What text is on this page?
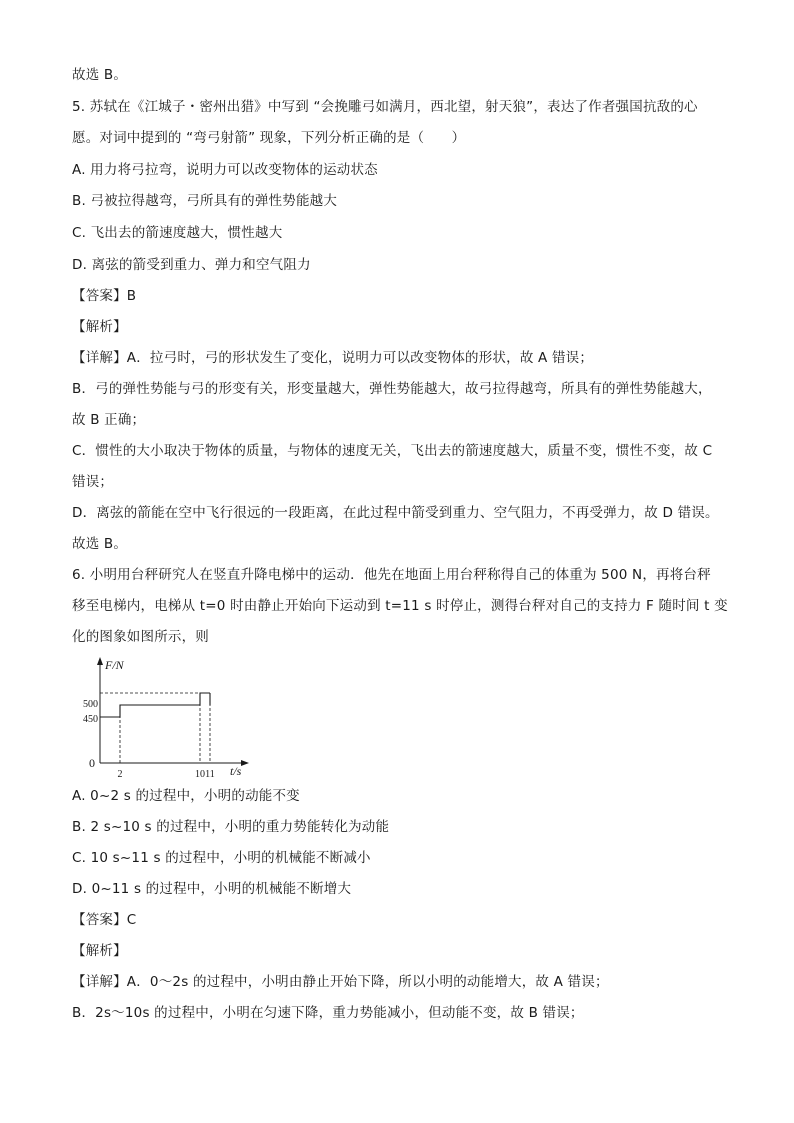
故选 B。
5. 苏轼在《江城子・密州出猎》中写到 “会挽雕弓如满月，西北望，射天狼”，表达了作者强国抗敌的心
愿。对词中提到的 “弯弓射箭” 现象，下列分析正确的是（　　）
A. 用力将弓拉弯，说明力可以改变物体的运动状态
B. 弓被拉得越弯，弓所具有的弹性势能越大
C. 飞出去的箭速度越大，惯性越大
D. 离弦的箭受到重力、弹力和空气阻力
【答案】B
【解析】
【详解】A．拉弓时，弓的形状发生了变化，说明力可以改变物体的形状，故 A 错误；
B．弓的弹性势能与弓的形变有关，形变量越大，弹性势能越大，故弓拉得越弯，所具有的弹性势能越大，
故 B 正确；
C．惯性的大小取决于物体的质量，与物体的速度无关，飞出去的箭速度越大，质量不变，惯性不变，故 C
错误；
D．离弦的箭能在空中飞行很远的一段距离，在此过程中箭受到重力、空气阻力，不再受弹力，故 D 错误。
故选 B。
6. 小明用台秤研究人在竖直升降电梯中的运动．他先在地面上用台秤称得自己的体重为 500 N，再将台秤
移至电梯内，电梯从 t=0 时由静止开始向下运动到 t=11 s 时停止，测得台秤对自己的支持力 F 随时间 t 变
化的图象如图所示，则
F/N
t/s
0
500
450
2	10 11
A. 0~2 s 的过程中，小明的动能不变
B. 2 s~10 s 的过程中，小明的重力势能转化为动能
C. 10 s~11 s 的过程中，小明的机械能不断减小
D. 0~11 s 的过程中，小明的机械能不断增大
【答案】C
【解析】
【详解】A．0～2s 的过程中，小明由静止开始下降，所以小明的动能增大，故 A 错误；
B．2s～10s 的过程中，小明在匀速下降，重力势能减小，但动能不变，故 B 错误；
